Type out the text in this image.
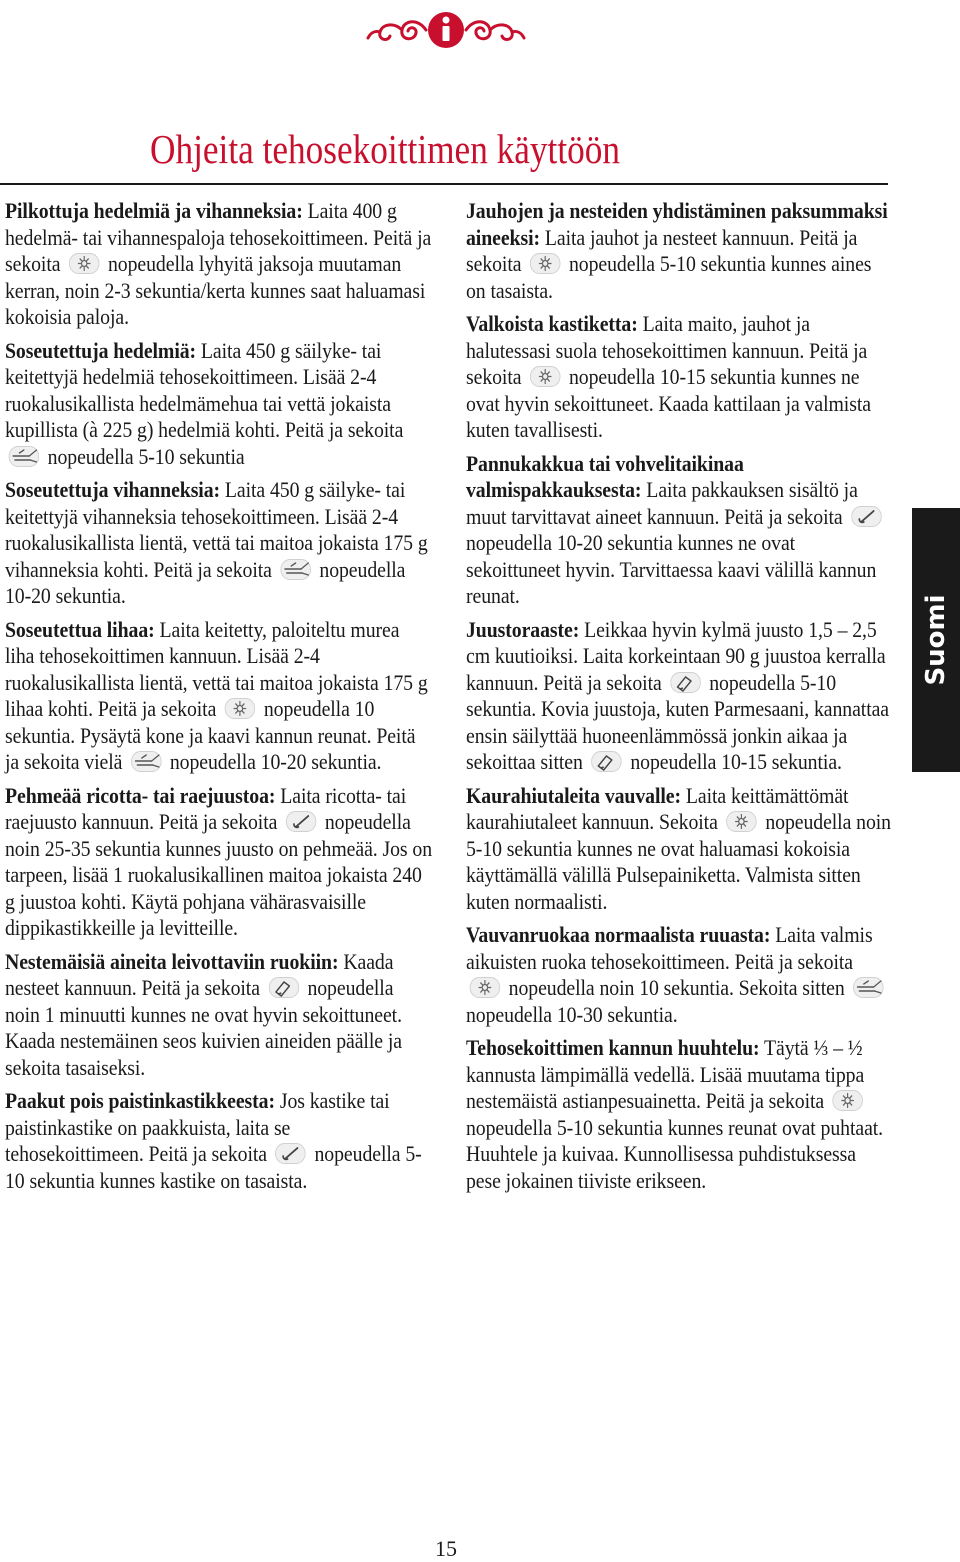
Ohjeita tehosekoittimen käyttöön

Pilkottuja hedelmiä ja vihanneksia: Laita 400 g hedelmä- tai vihannespaloja tehosekoittimeen. Peitä ja sekoita nopeudella lyhyitä jaksoja muutaman kerran, noin 2-3 sekuntia/kerta kunnes saat haluamasi kokoisia paloja.

Soseutettuja hedelmiä: Laita 450 g säilyke- tai keitettyjä hedelmiä tehosekoittimeen. Lisää 2-4 ruokalusikallista hedelmämehua tai vettä jokaista kupillista (à 225 g) hedelmiä kohti. Peitä ja sekoita
nopeudella 5-10 sekuntia

Soseutettuja vihanneksia: Laita 450 g säilyke- tai keitettyjä vihanneksia tehosekoittimeen. Lisää 2-4 ruokalusikallista lientä, vettä tai maitoa jokaista 175 g vihanneksia kohti. Peitä ja sekoita nopeudella 10-20 sekuntia.

Soseutettua lihaa: Laita keitetty, paloiteltu murea liha tehosekoittimen kannuun. Lisää 2-4 ruokalusikallista lientä, vettä tai maitoa jokaista 175 g lihaa kohti. Peitä ja sekoita nopeudella 10 sekuntia. Pysäytä kone ja kaavi kannun reunat. Peitä ja sekoita vielä nopeudella 10-20 sekuntia.

Pehmeää ricotta- tai raejuustoa: Laita ricotta- tai raejuusto kannuun. Peitä ja sekoita nopeudella noin 25-35 sekuntia kunnes juusto on pehmeää. Jos on tarpeen, lisää 1 ruokalusikallinen maitoa jokaista 240 g juustoa kohti. Käytä pohjana vähärasvaisille dippikastikkeille ja levitteille.

Nestemäisiä aineita leivottaviin ruokiin: Kaada nesteet kannuun. Peitä ja sekoita nopeudella noin 1 minuutti kunnes ne ovat hyvin sekoittuneet. Kaada nestemäinen seos kuivien aineiden päälle ja sekoita tasaiseksi.

Paakut pois paistinkastikkeesta: Jos kastike tai paistinkastike on paakkuista, laita se tehosekoittimeen. Peitä ja sekoita nopeudella 5-10 sekuntia kunnes kastike on tasaista.

Jauhojen ja nesteiden yhdistäminen paksummaksi aineeksi: Laita jauhot ja nesteet kannuun. Peitä ja sekoita nopeudella 5-10 sekuntia kunnes aines on tasaista.

Valkoista kastiketta: Laita maito, jauhot ja halutessasi suola tehosekoittimen kannuun. Peitä ja sekoita nopeudella 10-15 sekuntia kunnes ne ovat hyvin sekoittuneet. Kaada kattilaan ja valmista kuten tavallisesti.

Pannukakkua tai vohvelitaikinaa valmispakkauksesta: Laita pakkauksen sisältö ja muut tarvittavat aineet kannuun. Peitä ja sekoita
nopeudella 10-20 sekuntia kunnes ne ovat sekoittuneet hyvin. Tarvittaessa kaavi välillä kannun reunat.

Juustoraaste: Leikkaa hyvin kylmä juusto 1,5 – 2,5 cm kuutioiksi. Laita korkeintaan 90 g juustoa kerralla kannuun. Peitä ja sekoita nopeudella 5-10 sekuntia. Kovia juustoja, kuten Parmesaani, kannattaa ensin säilyttää huoneenlämmössä jonkin aikaa ja sekoittaa sitten nopeudella 10-15 sekuntia.

Kaurahiutaleita vauvalle: Laita keittämättömät kaurahiutaleet kannuun. Sekoita nopeudella noin 5-10 sekuntia kunnes ne ovat haluamasi kokoisia käyttämällä välillä Pulsepainiketta. Valmista sitten kuten normaalisti.

Vauvanruokaa normaalista ruuasta: Laita valmis aikuisten ruoka tehosekoittimeen. Peitä ja sekoita
nopeudella noin 10 sekuntia. Sekoita sitten
nopeudella 10-30 sekuntia.

Tehosekoittimen kannun huuhtelu: Täytä ⅓ – ½ kannusta lämpimällä vedellä. Lisää muutama tippa nestemäistä astianpesuainetta. Peitä ja sekoita
nopeudella 5-10 sekuntia kunnes reunat ovat puhtaat. Huuhtele ja kuivaa. Kunnollisessa puhdistuksessa pese jokainen tiiviste erikseen.

Suomi
15
